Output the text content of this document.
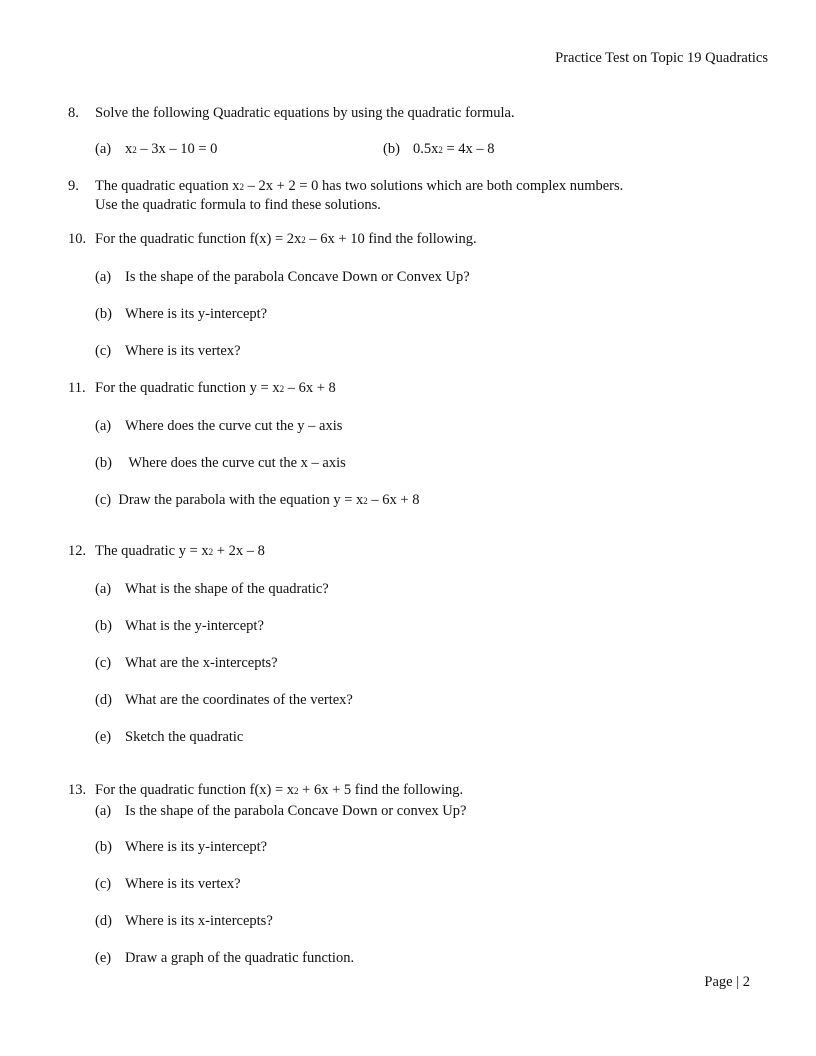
Practice Test on Topic 19 Quadratics
8. Solve the following Quadratic equations by using the quadratic formula.
(a) x2 – 3x – 10 = 0	(b) 0.5x2 = 4x – 8
9. The quadratic equation x2 – 2x + 2 = 0 has two solutions which are both complex numbers.
Use the quadratic formula to find these solutions.
10. For the quadratic function f(x) = 2x2 – 6x + 10 find the following.
(a) Is the shape of the parabola Concave Down or Convex Up?
(b) Where is its y-intercept?
(c) Where is its vertex?
11. For the quadratic function y = x2 – 6x + 8
(a) Where does the curve cut the y – axis
(b) Where does the curve cut the x – axis
(c) Draw the parabola with the equation y = x2 – 6x + 8
12. The quadratic y = x2 + 2x – 8
(a) What is the shape of the quadratic?
(b) What is the y-intercept?
(c) What are the x-intercepts?
(d) What are the coordinates of the vertex?
(e) Sketch the quadratic
13. For the quadratic function f(x) = x2 + 6x + 5 find the following.
(a) Is the shape of the parabola Concave Down or convex Up?
(b) Where is its y-intercept?
(c) Where is its vertex?
(d) Where is its x-intercepts?
(e) Draw a graph of the quadratic function.
Page | 2
